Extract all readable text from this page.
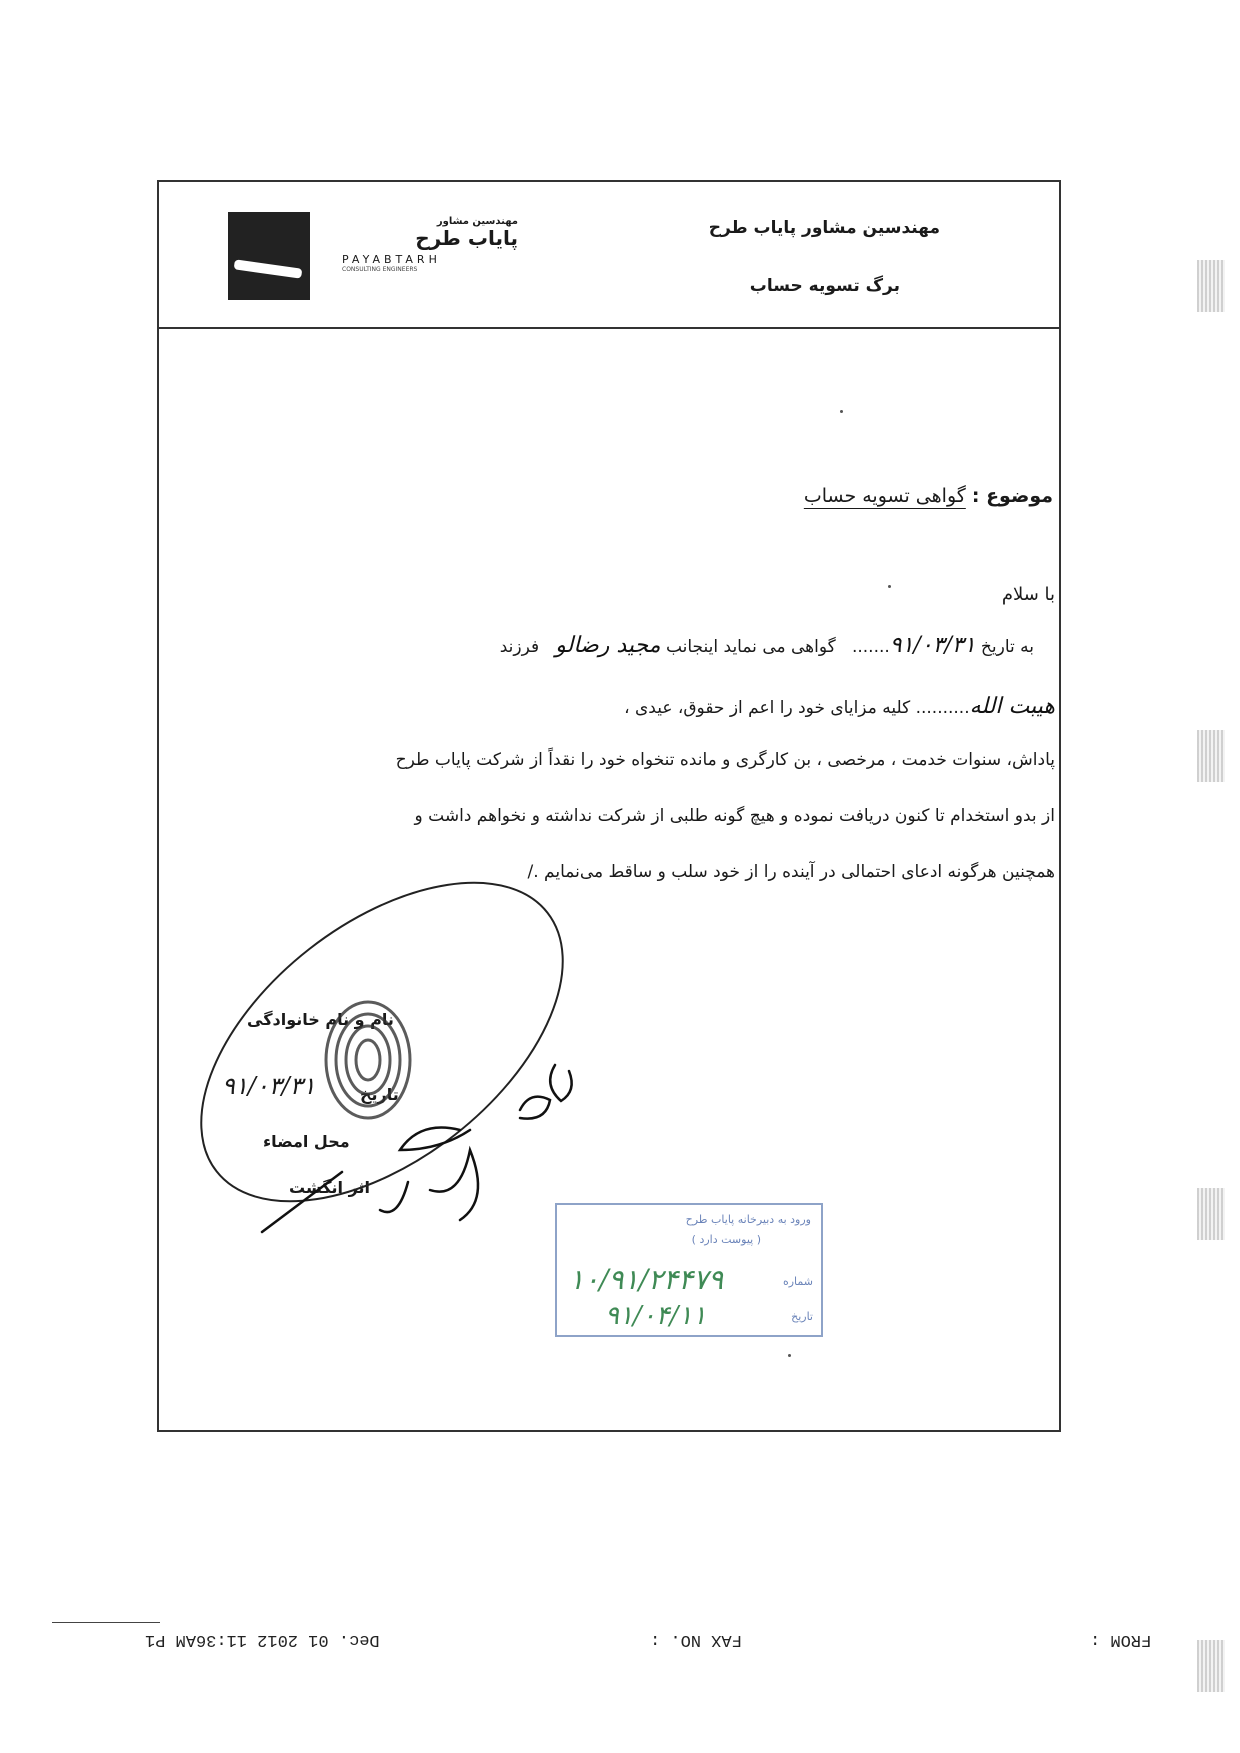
مهندسین مشاور
پایاب طرح
PAYABTARH
CONSULTING ENGINEERS
مهندسین مشاور پایاب طرح
برگ تسویه حساب
موضوع : گواهی تسویه حساب
با سلام
به تاریخ ۹۱/۰۳/۳۱.......   گواهی می نماید اینجانب مجید رضالو   فرزند
هیبت الله.......... کلیه مزایای خود را اعم از حقوق، عیدی ،
پاداش، سنوات خدمت ، مرخصی ، بن کارگری و مانده تنخواه خود را نقداً از شرکت پایاب طرح
از بدو استخدام تا کنون دریافت نموده و هیچ گونه طلبی از شرکت نداشته و نخواهم داشت و
همچنین هرگونه ادعای احتمالی در آینده را از خود سلب و ساقط می‌نمایم ./
نام و نام خانوادگی
تاریخ
۹۱/۰۳/۳۱
محل امضاء
اثر انگشت
ورود به دبیرخانه پایاب طرح
( پیوست دارد )
شماره
تاریخ
۱۰/۹۱/۲۴۴۷۹
۹۱/۰۴/۱۱
FROM :
FAX NO. :
Dec. 01 2012 11:36AM P1
